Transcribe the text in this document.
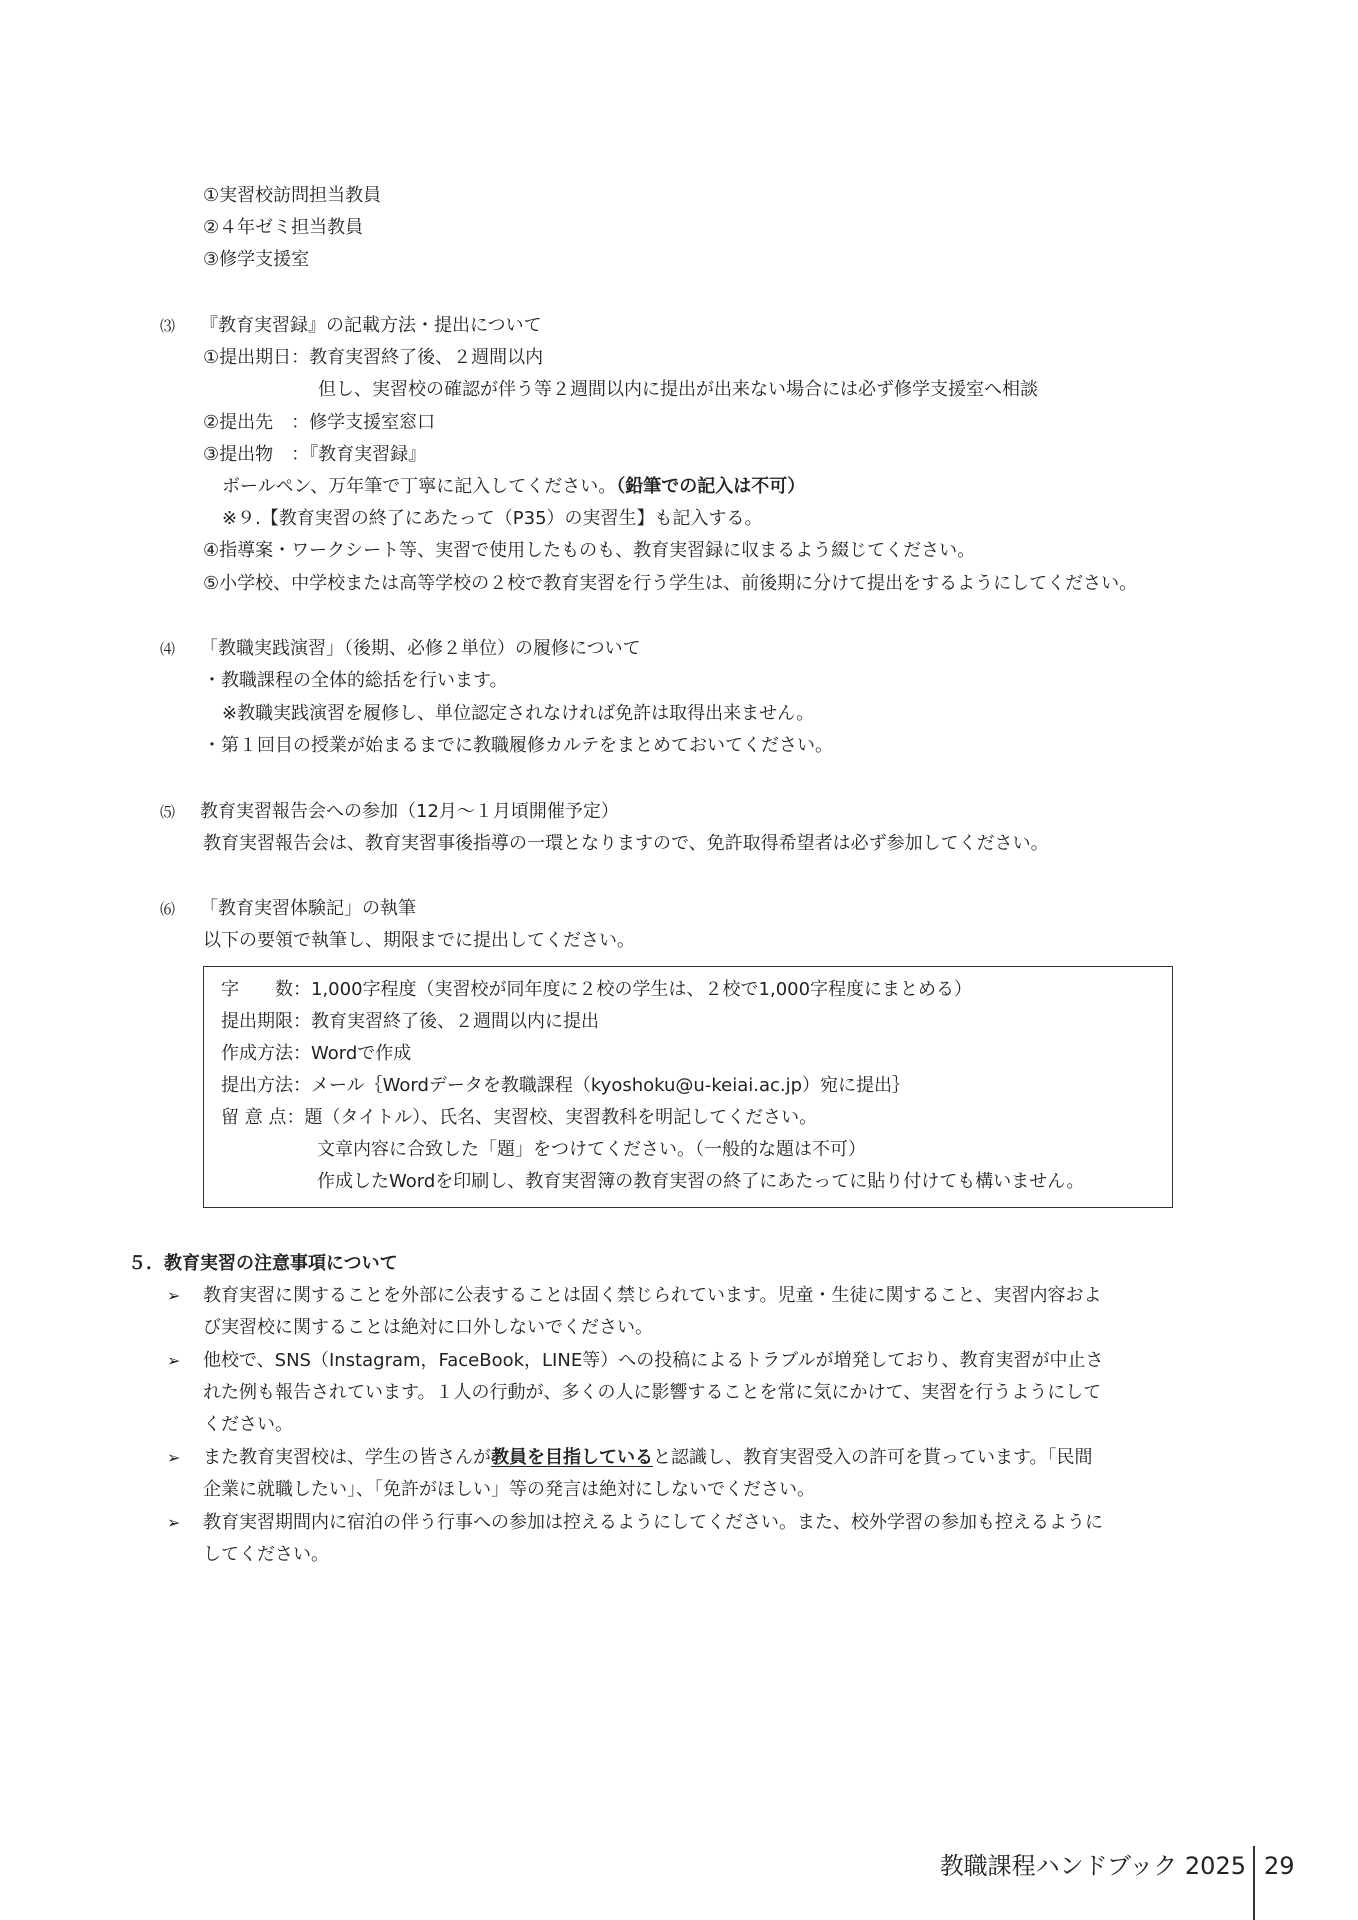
①実習校訪問担当教員
②４年ゼミ担当教員
③修学支援室
⑶ 『教育実習録』の記載方法・提出について
①提出期日：教育実習終了後、２週間以内
但し、実習校の確認が伴う等２週間以内に提出が出来ない場合には必ず修学支援室へ相談
②提出先　：修学支援室窓口
③提出物　：『教育実習録』
ボールペン、万年筆で丁寧に記入してください。（鉛筆での記入は不可）
※９.【教育実習の終了にあたって（P35）の実習生】も記入する。
④指導案・ワークシート等、実習で使用したものも、教育実習録に収まるよう綴じてください。
⑤小学校、中学校または高等学校の２校で教育実習を行う学生は、前後期に分けて提出をするようにしてください。
⑷ 「教職実践演習」（後期、必修２単位）の履修について
・教職課程の全体的総括を行います。
※教職実践演習を履修し、単位認定されなければ免許は取得出来ません。
・第１回目の授業が始まるまでに教職履修カルテをまとめておいてください。
⑸ 教育実習報告会への参加（12月～１月頃開催予定）
教育実習報告会は、教育実習事後指導の一環となりますので、免許取得希望者は必ず参加してください。
⑹ 「教育実習体験記」の執筆
以下の要領で執筆し、期限までに提出してください。
字　　数：1,000字程度（実習校が同年度に２校の学生は、２校で1,000字程度にまとめる）
提出期限：教育実習終了後、２週間以内に提出
作成方法：Wordで作成
提出方法：メール｛Wordデータを教職課程（kyoshoku@u-keiai.ac.jp）宛に提出｝
留 意 点：題（タイトル）、氏名、実習校、実習教科を明記してください。
文章内容に合致した「題」をつけてください。（一般的な題は不可）
作成したWordを印刷し、教育実習簿の教育実習の終了にあたってに貼り付けても構いません。
５．教育実習の注意事項について
➢ 教育実習に関することを外部に公表することは固く禁じられています。児童・生徒に関すること、実習内容およ
び実習校に関することは絶対に口外しないでください。
➢ 他校で、SNS（Instagram，FaceBook，LINE等）への投稿によるトラブルが増発しており、教育実習が中止さ
れた例も報告されています。１人の行動が、多くの人に影響することを常に気にかけて、実習を行うようにして
ください。
➢ また教育実習校は、学生の皆さんが教員を目指していると認識し、教育実習受入の許可を貰っています。「民間
企業に就職したい」、「免許がほしい」等の発言は絶対にしないでください。
➢ 教育実習期間内に宿泊の伴う行事への参加は控えるようにしてください。また、校外学習の参加も控えるように
してください。
教職課程ハンドブック 2025 29
